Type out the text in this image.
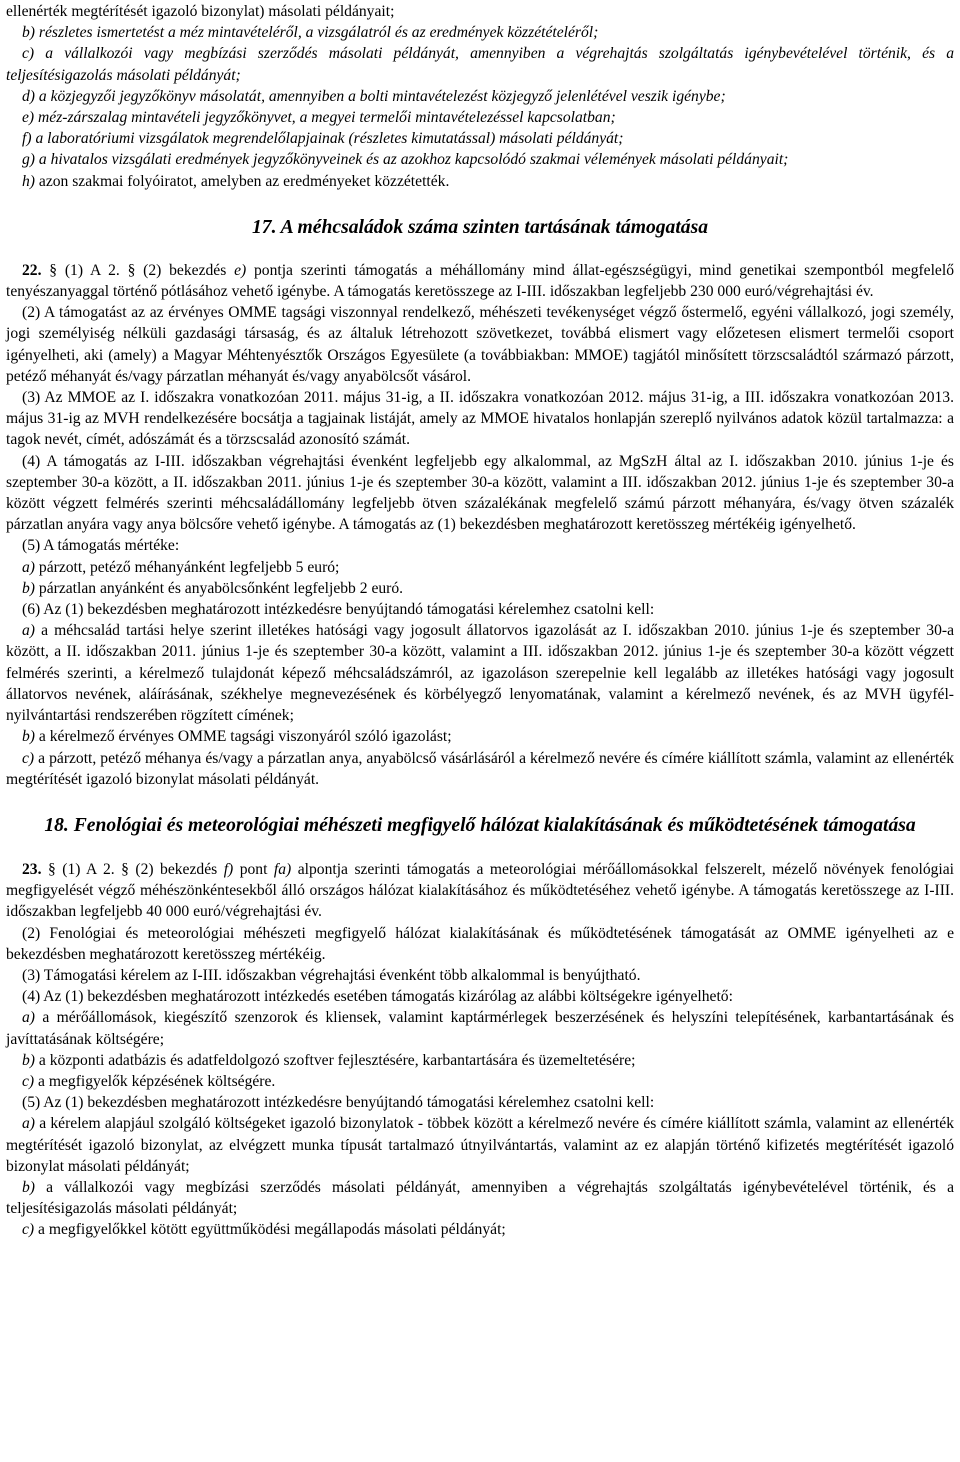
ellenérték megtérítését igazoló bizonylat) másolati példányait;

b) részletes ismertetést a méz mintavételéről, a vizsgálatról és az eredmények közzétételéről;

c) a vállalkozói vagy megbízási szerződés másolati példányát, amennyiben a végrehajtás szolgáltatás igénybevételével történik, és a teljesítésigazolás másolati példányát;

d) a közjegyzői jegyzőkönyv másolatát, amennyiben a bolti mintavételezést közjegyző jelenlétével veszik igénybe;

e) méz-zárszalag mintavételi jegyzőkönyvet, a megyei termelői mintavételezéssel kapcsolatban;

f) a laboratóriumi vizsgálatok megrendelőlapjainak (részletes kimutatással) másolati példányát;

g) a hivatalos vizsgálati eredmények jegyzőkönyveinek és az azokhoz kapcsolódó szakmai vélemények másolati példányait;

h) azon szakmai folyóiratot, amelyben az eredményeket közzétették.

17. A méhcsaládok száma szinten tartásának támogatása

22. § (1) A 2. § (2) bekezdés e) pontja szerinti támogatás a méhállomány mind állat-egészségügyi, mind genetikai szempontból megfelelő tenyészanyaggal történő pótlásához vehető igénybe. A támogatás keretösszege az I-III. időszakban legfeljebb 230 000 euró/végrehajtási év.

(2) A támogatást az az érvényes OMME tagsági viszonnyal rendelkező, méhészeti tevékenységet végző őstermelő, egyéni vállalkozó, jogi személy, jogi személyiség nélküli gazdasági társaság, és az általuk létrehozott szövetkezet, továbbá elismert vagy előzetesen elismert termelői csoport igényelheti, aki (amely) a Magyar Méhtenyésztők Országos Egyesülete (a továbbiakban: MMOE) tagjától minősített törzscsaládtól származó párzott, petéző méhanyát és/vagy párzatlan méhanyát és/vagy anyabölcsőt vásárol.

(3) Az MMOE az I. időszakra vonatkozóan 2011. május 31-ig, a II. időszakra vonatkozóan 2012. május 31-ig, a III. időszakra vonatkozóan 2013. május 31-ig az MVH rendelkezésére bocsátja a tagjainak listáját, amely az MMOE hivatalos honlapján szereplő nyilvános adatok közül tartalmazza: a tagok nevét, címét, adószámát és a törzscsalád azonosító számát.

(4) A támogatás az I-III. időszakban végrehajtási évenként legfeljebb egy alkalommal, az MgSzH által az I. időszakban 2010. június 1-je és szeptember 30-a között, a II. időszakban 2011. június 1-je és szeptember 30-a között, valamint a III. időszakban 2012. június 1-je és szeptember 30-a között végzett felmérés szerinti méhcsaládállomány legfeljebb ötven százalékának megfelelő számú párzott méhanyára, és/vagy ötven százalék párzatlan anyára vagy anya bölcsőre vehető igénybe. A támogatás az (1) bekezdésben meghatározott keretösszeg mértékéig igényelhető.

(5) A támogatás mértéke:

a) párzott, petéző méhanyánként legfeljebb 5 euró;

b) párzatlan anyánként és anyabölcsőnként legfeljebb 2 euró.

(6) Az (1) bekezdésben meghatározott intézkedésre benyújtandó támogatási kérelemhez csatolni kell:

a) a méhcsalád tartási helye szerint illetékes hatósági vagy jogosult állatorvos igazolását az I. időszakban 2010. június 1-je és szeptember 30-a között, a II. időszakban 2011. június 1-je és szeptember 30-a között, valamint a III. időszakban 2012. június 1-je és szeptember 30-a között végzett felmérés szerinti, a kérelmező tulajdonát képező méhcsaládszámról, az igazoláson szerepelnie kell legalább az illetékes hatósági vagy jogosult állatorvos nevének, aláírásának, székhelye megnevezésének és körbélyegző lenyomatának, valamint a kérelmező nevének, és az MVH ügyfél-nyilvántartási rendszerében rögzített címének;

b) a kérelmező érvényes OMME tagsági viszonyáról szóló igazolást;

c) a párzott, petéző méhanya és/vagy a párzatlan anya, anyabölcső vásárlásáról a kérelmező nevére és címére kiállított számla, valamint az ellenérték megtérítését igazoló bizonylat másolati példányát.

18. Fenológiai és meteorológiai méhészeti megfigyelő hálózat kialakításának és működtetésének támogatása

23. § (1) A 2. § (2) bekezdés f) pont fa) alpontja szerinti támogatás a meteorológiai mérőállomásokkal felszerelt, mézelő növények fenológiai megfigyelését végző méhészönkéntesekből álló országos hálózat kialakításához és működtetéséhez vehető igénybe. A támogatás keretösszege az I-III. időszakban legfeljebb 40 000 euró/végrehajtási év.

(2) Fenológiai és meteorológiai méhészeti megfigyelő hálózat kialakításának és működtetésének támogatását az OMME igényelheti az e bekezdésben meghatározott keretösszeg mértékéig.

(3) Támogatási kérelem az I-III. időszakban végrehajtási évenként több alkalommal is benyújtható.

(4) Az (1) bekezdésben meghatározott intézkedés esetében támogatás kizárólag az alábbi költségekre igényelhető:

a) a mérőállomások, kiegészítő szenzorok és kliensek, valamint kaptármérlegek beszerzésének és helyszíni telepítésének, karbantartásának és javíttatásának költségére;

b) a központi adatbázis és adatfeldolgozó szoftver fejlesztésére, karbantartására és üzemeltetésére;

c) a megfigyelők képzésének költségére.

(5) Az (1) bekezdésben meghatározott intézkedésre benyújtandó támogatási kérelemhez csatolni kell:

a) a kérelem alapjául szolgáló költségeket igazoló bizonylatok - többek között a kérelmező nevére és címére kiállított számla, valamint az ellenérték megtérítését igazoló bizonylat, az elvégzett munka típusát tartalmazó útnyilvántartás, valamint az ez alapján történő kifizetés megtérítését igazoló bizonylat másolati példányát;

b) a vállalkozói vagy megbízási szerződés másolati példányát, amennyiben a végrehajtás szolgáltatás igénybevételével történik, és a teljesítésigazolás másolati példányát;

c) a megfigyelőkkel kötött együttműködési megállapodás másolati példányát;
